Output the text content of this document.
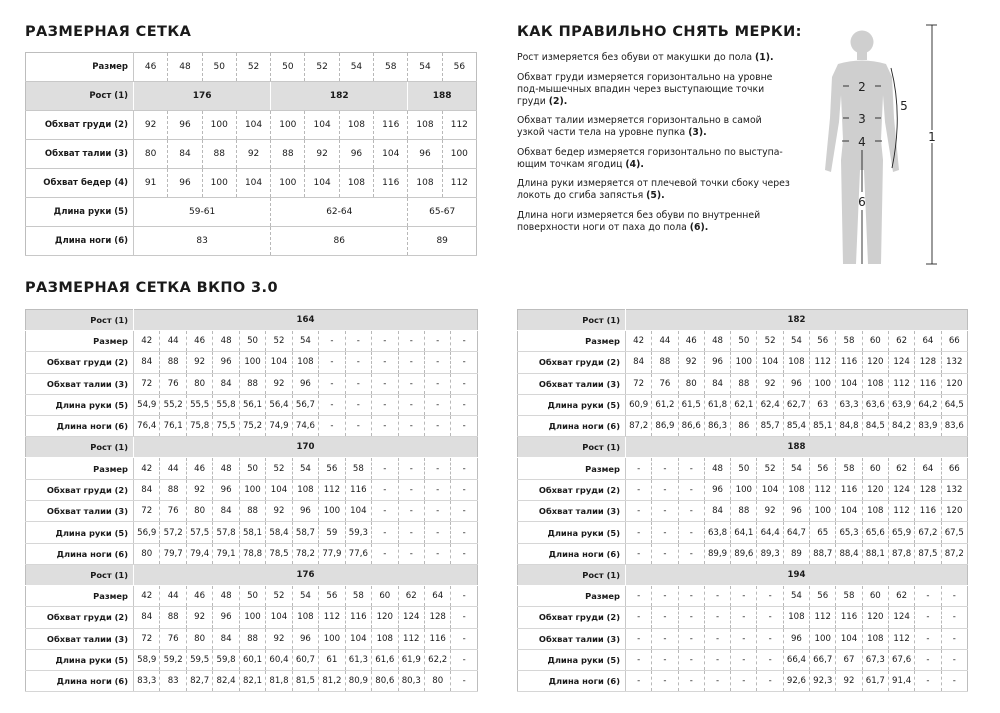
РАЗМЕРНАЯ СЕТКА	КАК ПРАВИЛЬНО СНЯТЬ МЕРКИ:
РАЗМЕРНАЯ СЕТКА ВКПО 3.0
Размер	46	48	50	52	50	52	54	58	54	56
Рост (1)	176				182				188	
Обхват груди (2)	92	96	100	104	100	104	108	116	108	112
Обхват талии (3)	80	84	88	92	88	92	96	104	96	100
Обхват бедер (4)	91	96	100	104	100	104	108	116	108	112
Длина руки (5)	59-61				62-64				65-67	
Длина ноги (6)	83				86				89	

Рост измеряется без обуви от макушки до пола (1).

Обхват груди измеряется горизонтально на уровне под-мышечных впадин через выступающие точки груди (2).

Обхват талии измеряется горизонтально в самой узкой части тела на уровне пупка (3).

Обхват бедер измеряется горизонтально по выступа-ющим точкам ягодиц (4).

Длина руки измеряется от плечевой точки сбоку через локоть до сгиба запястья (5).

Длина ноги измеряется без обуви по внутренней поверхности ноги от паха до пола (6).

1
2
3
4
5
6
Рост (1)	164												
Размер	42	44	46	48	50	52	54	-	-	-	-	-	-
Обхват груди (2)	84	88	92	96	100	104	108	-	-	-	-	-	-
Обхват талии (3)	72	76	80	84	88	92	96	-	-	-	-	-	-
Длина руки (5)	54,9	55,2	55,5	55,8	56,1	56,4	56,7	-	-	-	-	-	-
Длина ноги (6)	76,4	76,1	75,8	75,5	75,2	74,9	74,6	-	-	-	-	-	-
Рост (1)	170												
Размер	42	44	46	48	50	52	54	56	58	-	-	-	-
Обхват груди (2)	84	88	92	96	100	104	108	112	116	-	-	-	-
Обхват талии (3)	72	76	80	84	88	92	96	100	104	-	-	-	-
Длина руки (5)	56,9	57,2	57,5	57,8	58,1	58,4	58,7	59	59,3	-	-	-	-
Длина ноги (6)	80	79,7	79,4	79,1	78,8	78,5	78,2	77,9	77,6	-	-	-	-
Рост (1)	176												
Размер	42	44	46	48	50	52	54	56	58	60	62	64	-
Обхват груди (2)	84	88	92	96	100	104	108	112	116	120	124	128	-
Обхват талии (3)	72	76	80	84	88	92	96	100	104	108	112	116	-
Длина руки (5)	58,9	59,2	59,5	59,8	60,1	60,4	60,7	61	61,3	61,6	61,9	62,2	-
Длина ноги (6)	83,3	83	82,7	82,4	82,1	81,8	81,5	81,2	80,9	80,6	80,3	80	-
Рост (1)	182												
Размер	42	44	46	48	50	52	54	56	58	60	62	64	66
Обхват груди (2)	84	88	92	96	100	104	108	112	116	120	124	128	132
Обхват талии (3)	72	76	80	84	88	92	96	100	104	108	112	116	120
Длина руки (5)	60,9	61,2	61,5	61,8	62,1	62,4	62,7	63	63,3	63,6	63,9	64,2	64,5
Длина ноги (6)	87,2	86,9	86,6	86,3	86	85,7	85,4	85,1	84,8	84,5	84,2	83,9	83,6
Рост (1)	188												
Размер	-	-	-	48	50	52	54	56	58	60	62	64	66
Обхват груди (2)	-	-	-	96	100	104	108	112	116	120	124	128	132
Обхват талии (3)	-	-	-	84	88	92	96	100	104	108	112	116	120
Длина руки (5)	-	-	-	63,8	64,1	64,4	64,7	65	65,3	65,6	65,9	67,2	67,5
Длина ноги (6)	-	-	-	89,9	89,6	89,3	89	88,7	88,4	88,1	87,8	87,5	87,2
Рост (1)	194												
Размер	-	-	-	-	-	-	54	56	58	60	62	-	-
Обхват груди (2)	-	-	-	-	-	-	108	112	116	120	124	-	-
Обхват талии (3)	-	-	-	-	-	-	96	100	104	108	112	-	-
Длина руки (5)	-	-	-	-	-	-	66,4	66,7	67	67,3	67,6	-	-
Длина ноги (6)	-	-	-	-	-	-	92,6	92,3	92	61,7	91,4	-	-
